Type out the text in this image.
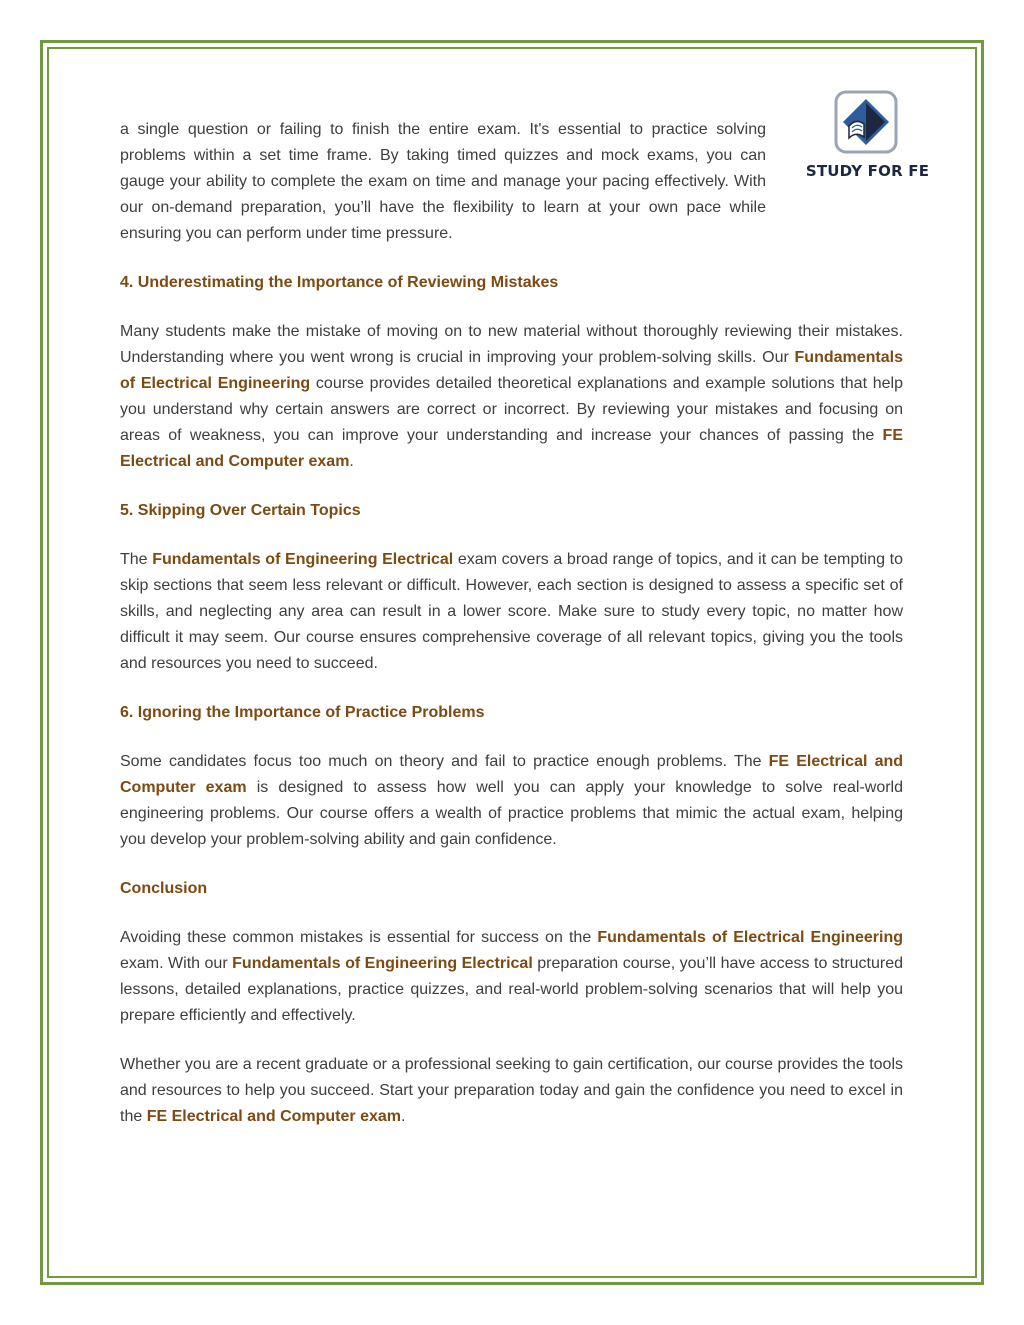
STUDY FOR FE

a single question or failing to finish the entire exam. It's essential to practice solving problems within a set time frame. By taking timed quizzes and mock exams, you can gauge your ability to complete the exam on time and manage your pacing effectively. With our on-demand preparation, you’ll have the flexibility to learn at your own pace while ensuring you can perform under time pressure.

4. Underestimating the Importance of Reviewing Mistakes

Many students make the mistake of moving on to new material without thoroughly reviewing their mistakes. Understanding where you went wrong is crucial in improving your problem-solving skills. Our Fundamentals of Electrical Engineering course provides detailed theoretical explanations and example solutions that help you understand why certain answers are correct or incorrect. By reviewing your mistakes and focusing on areas of weakness, you can improve your understanding and increase your chances of passing the FE Electrical and Computer exam.

5. Skipping Over Certain Topics

The Fundamentals of Engineering Electrical exam covers a broad range of topics, and it can be tempting to skip sections that seem less relevant or difficult. However, each section is designed to assess a specific set of skills, and neglecting any area can result in a lower score. Make sure to study every topic, no matter how difficult it may seem. Our course ensures comprehensive coverage of all relevant topics, giving you the tools and resources you need to succeed.

6. Ignoring the Importance of Practice Problems

Some candidates focus too much on theory and fail to practice enough problems. The FE Electrical and Computer exam is designed to assess how well you can apply your knowledge to solve real-world engineering problems. Our course offers a wealth of practice problems that mimic the actual exam, helping you develop your problem-solving ability and gain confidence.

Conclusion

Avoiding these common mistakes is essential for success on the Fundamentals of Electrical Engineering exam. With our Fundamentals of Engineering Electrical preparation course, you’ll have access to structured lessons, detailed explanations, practice quizzes, and real-world problem-solving scenarios that will help you prepare efficiently and effectively.

Whether you are a recent graduate or a professional seeking to gain certification, our course provides the tools and resources to help you succeed. Start your preparation today and gain the confidence you need to excel in the FE Electrical and Computer exam.
